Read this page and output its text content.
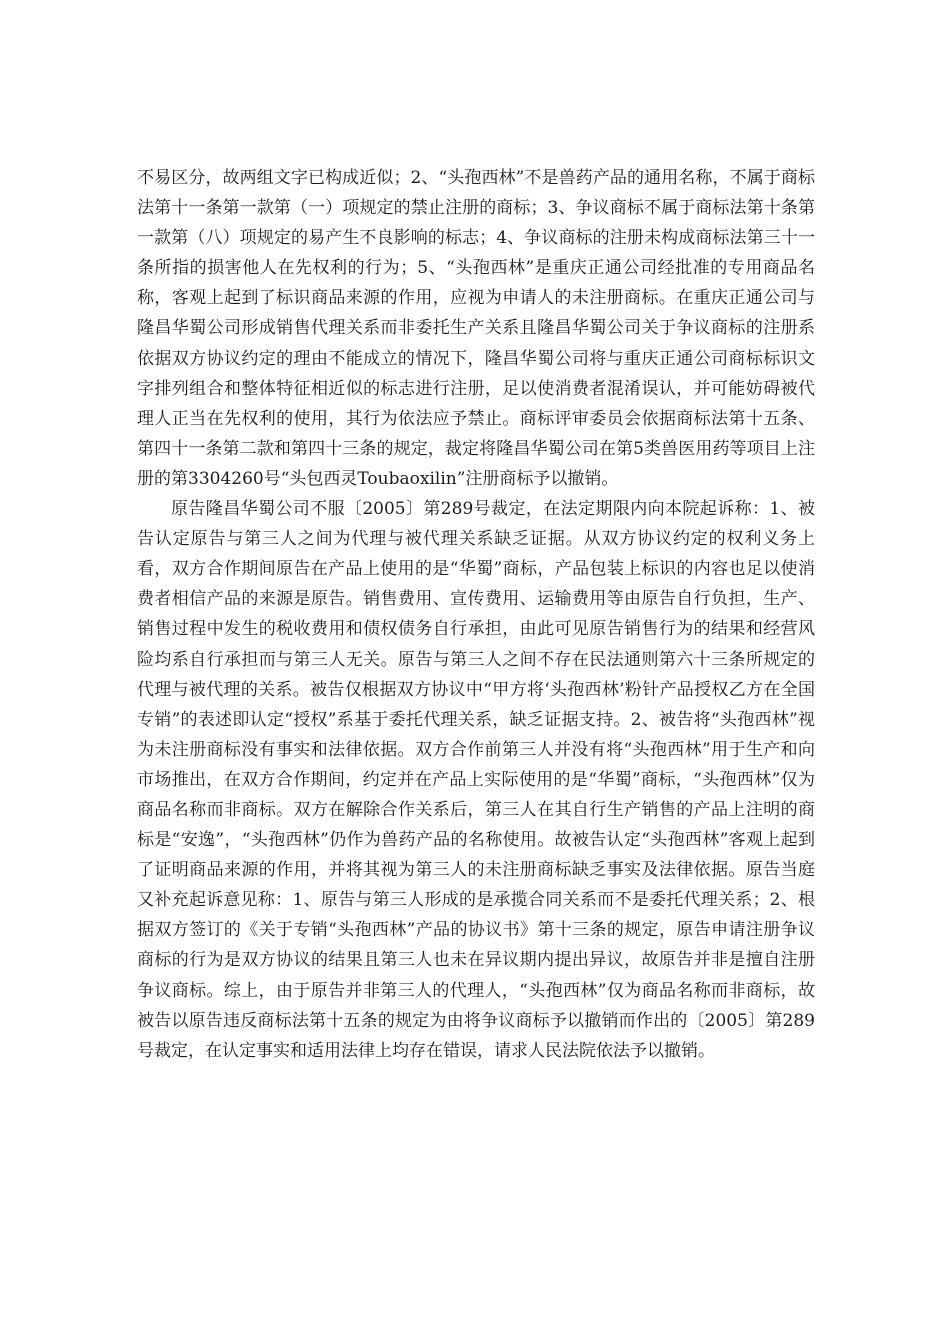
不易区分，故两组文字已构成近似；2、“头孢西林”不是兽药产品的通用名称，不属于商标法第十一条第一款第（一）项规定的禁止注册的商标；3、争议商标不属于商标法第十条第一款第（八）项规定的易产生不良影响的标志；4、争议商标的注册未构成商标法第三十一条所指的损害他人在先权利的行为；5、“头孢西林”是重庆正通公司经批准的专用商品名称，客观上起到了标识商品来源的作用，应视为申请人的未注册商标。在重庆正通公司与隆昌华蜀公司形成销售代理关系而非委托生产关系且隆昌华蜀公司关于争议商标的注册系依据双方协议约定的理由不能成立的情况下，隆昌华蜀公司将与重庆正通公司商标标识文字排列组合和整体特征相近似的标志进行注册，足以使消费者混淆误认，并可能妨碍被代理人正当在先权利的使用，其行为依法应予禁止。商标评审委员会依据商标法第十五条、第四十一条第二款和第四十三条的规定，裁定将隆昌华蜀公司在第5类兽医用药等项目上注册的第3304260号“头包西灵Toubaoxilin”注册商标予以撤销。

原告隆昌华蜀公司不服〔2005〕第289号裁定，在法定期限内向本院起诉称：1、被告认定原告与第三人之间为代理与被代理关系缺乏证据。从双方协议约定的权利义务上看，双方合作期间原告在产品上使用的是“华蜀”商标，产品包装上标识的内容也足以使消费者相信产品的来源是原告。销售费用、宣传费用、运输费用等由原告自行负担，生产、销售过程中发生的税收费用和债权债务自行承担，由此可见原告销售行为的结果和经营风险均系自行承担而与第三人无关。原告与第三人之间不存在民法通则第六十三条所规定的代理与被代理的关系。被告仅根据双方协议中“甲方将‘头孢西林’粉针产品授权乙方在全国专销”的表述即认定“授权”系基于委托代理关系，缺乏证据支持。2、被告将“头孢西林”视为未注册商标没有事实和法律依据。双方合作前第三人并没有将“头孢西林”用于生产和向市场推出，在双方合作期间，约定并在产品上实际使用的是“华蜀”商标，“头孢西林”仅为商品名称而非商标。双方在解除合作关系后，第三人在其自行生产销售的产品上注明的商标是“安逸”，“头孢西林”仍作为兽药产品的名称使用。故被告认定“头孢西林”客观上起到了证明商品来源的作用，并将其视为第三人的未注册商标缺乏事实及法律依据。原告当庭又补充起诉意见称：1、原告与第三人形成的是承揽合同关系而不是委托代理关系；2、根据双方签订的《关于专销“头孢西林”产品的协议书》第十三条的规定，原告申请注册争议商标的行为是双方协议的结果且第三人也未在异议期内提出异议，故原告并非是擅自注册争议商标。综上，由于原告并非第三人的代理人，“头孢西林”仅为商品名称而非商标，故被告以原告违反商标法第十五条的规定为由将争议商标予以撤销而作出的〔2005〕第289号裁定，在认定事实和适用法律上均存在错误，请求人民法院依法予以撤销。
